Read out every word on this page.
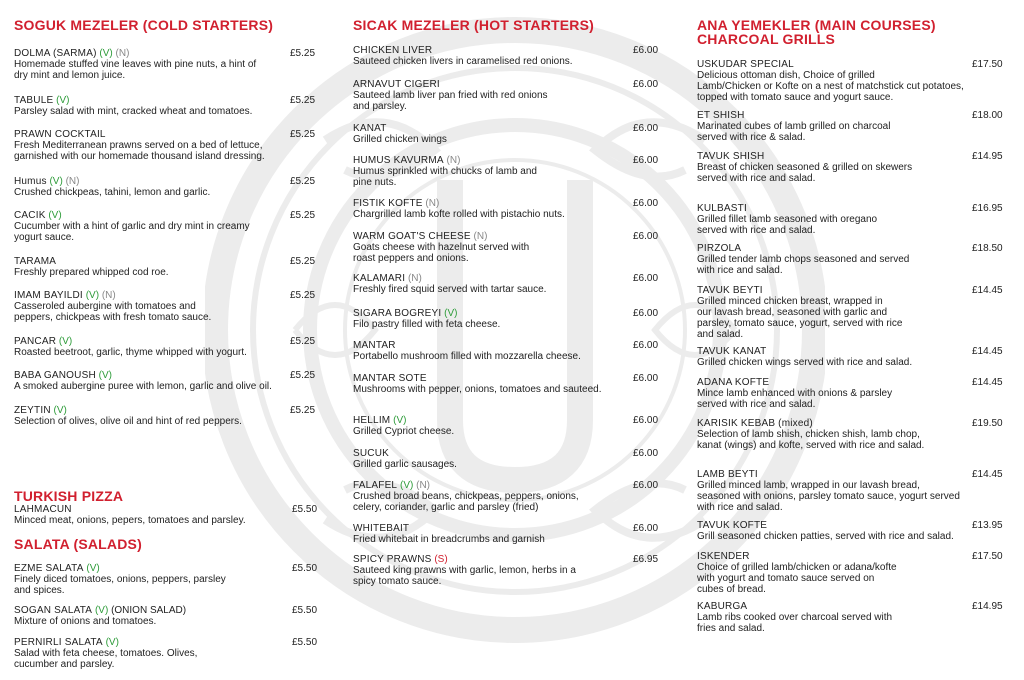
SOGUK MEZELER (COLD STARTERS)	SICAK MEZELER (HOT STARTERS)	ANA YEMEKLER (MAIN COURSES)
CHARCOAL GRILLS
TURKISH PIZZA
SALATA (SALADS)
DOLMA (SARMA) (V) (N)	£5.25
Homemade stuffed vine leaves with pine nuts, a hint of
dry mint and lemon juice.
TABULE (V)	£5.25
Parsley salad with mint, cracked wheat and tomatoes.
PRAWN COCKTAIL	£5.25
Fresh Mediterranean prawns served on a bed of lettuce,
garnished with our homemade thousand island dressing.
Humus (V) (N)	£5.25
Crushed chickpeas, tahini, lemon and garlic.
CACIK (V)	£5.25
Cucumber with a hint of garlic and dry mint in creamy
yogurt sauce.
TARAMA	£5.25
Freshly prepared whipped cod roe.
IMAM BAYILDI (V) (N)	£5.25
Casseroled aubergine with tomatoes and
peppers, chickpeas with fresh tomato sauce.
PANCAR (V)	£5.25
Roasted beetroot, garlic, thyme whipped with yogurt.
BABA GANOUSH (V)	£5.25
A smoked aubergine puree with lemon, garlic and olive oil.
ZEYTIN (V)	£5.25
Selection of olives, olive oil and hint of red peppers.
LAHMACUN	£5.50
Minced meat, onions, pepers, tomatoes and parsley.
EZME SALATA (V)	£5.50
Finely diced tomatoes, onions, peppers, parsley
and spices.
SOGAN SALATA (V) (ONION SALAD)	£5.50
Mixture of onions and tomatoes.
PERNIRLI SALATA (V)	£5.50
Salad with feta cheese, tomatoes. Olives,
cucumber and parsley.
CHICKEN LIVER	£6.00
Sauteed chicken livers in caramelised red onions.
ARNAVUT CIGERI	£6.00
Sauteed lamb liver pan fried with red onions
and parsley.
KANAT	£6.00
Grilled chicken wings
HUMUS KAVURMA (N)	£6.00
Humus sprinkled with chucks of lamb and
pine nuts.
FISTIK KOFTE (N)	£6.00
Chargrilled lamb kofte rolled with pistachio nuts.
WARM GOAT'S CHEESE (N)	£6.00
Goats cheese with hazelnut served with
roast peppers and onions.
KALAMARI (N)	£6.00
Freshly fired squid served with tartar sauce.
SIGARA BOGREYI (V)	£6.00
Filo pastry filled with feta cheese.
MANTAR	£6.00
Portabello mushroom filled with mozzarella cheese.
MANTAR SOTE	£6.00
Mushrooms with pepper, onions, tomatoes and sauteed.
HELLIM (V)	£6.00
Grilled Cypriot cheese.
SUCUK	£6.00
Grilled garlic sausages.
FALAFEL (V) (N)	£6.00
Crushed broad beans, chickpeas, peppers, onions,
celery, coriander, garlic and parsley (fried)
WHITEBAIT	£6.00
Fried whitebait in breadcrumbs and garnish
SPICY PRAWNS (S)	£6.95
Sauteed king prawns with garlic, lemon, herbs in a
spicy tomato sauce.
USKUDAR SPECIAL	£17.50
Delicious ottoman dish, Choice of grilled
Lamb/Chicken or Kofte on a nest of matchstick cut potatoes,
topped with tomato sauce and yogurt sauce.
ET SHISH	£18.00
Marinated cubes of lamb grilled on charcoal
served with rice & salad.
TAVUK SHISH	£14.95
Breast of chicken seasoned & grilled on skewers
served with rice and salad.
KULBASTI	£16.95
Grilled fillet lamb seasoned with oregano
served with rice and salad.
PIRZOLA	£18.50
Grilled tender lamb chops seasoned and served
with rice and salad.
TAVUK BEYTI	£14.45
Grilled minced chicken breast, wrapped in
our lavash bread, seasoned with garlic and
parsley, tomato sauce, yogurt, served with rice
and salad.
TAVUK KANAT	£14.45
Grilled chicken wings served with rice and salad.
ADANA KOFTE	£14.45
Mince lamb enhanced with onions & parsley
served with rice and salad.
KARISIK KEBAB (mixed)	£19.50
Selection of lamb shish, chicken shish, lamb chop,
kanat (wings) and kofte, served with rice and salad.
LAMB BEYTI	£14.45
Grilled minced lamb, wrapped in our lavash bread,
seasoned with onions, parsley tomato sauce, yogurt served
with rice and salad.
TAVUK KOFTE	£13.95
Grill seasoned chicken patties, served with rice and salad.
ISKENDER	£17.50
Choice of grilled lamb/chicken or adana/kofte
with yogurt and tomato sauce served on
cubes of bread.
KABURGA	£14.95
Lamb ribs cooked over charcoal served with
fries and salad.
